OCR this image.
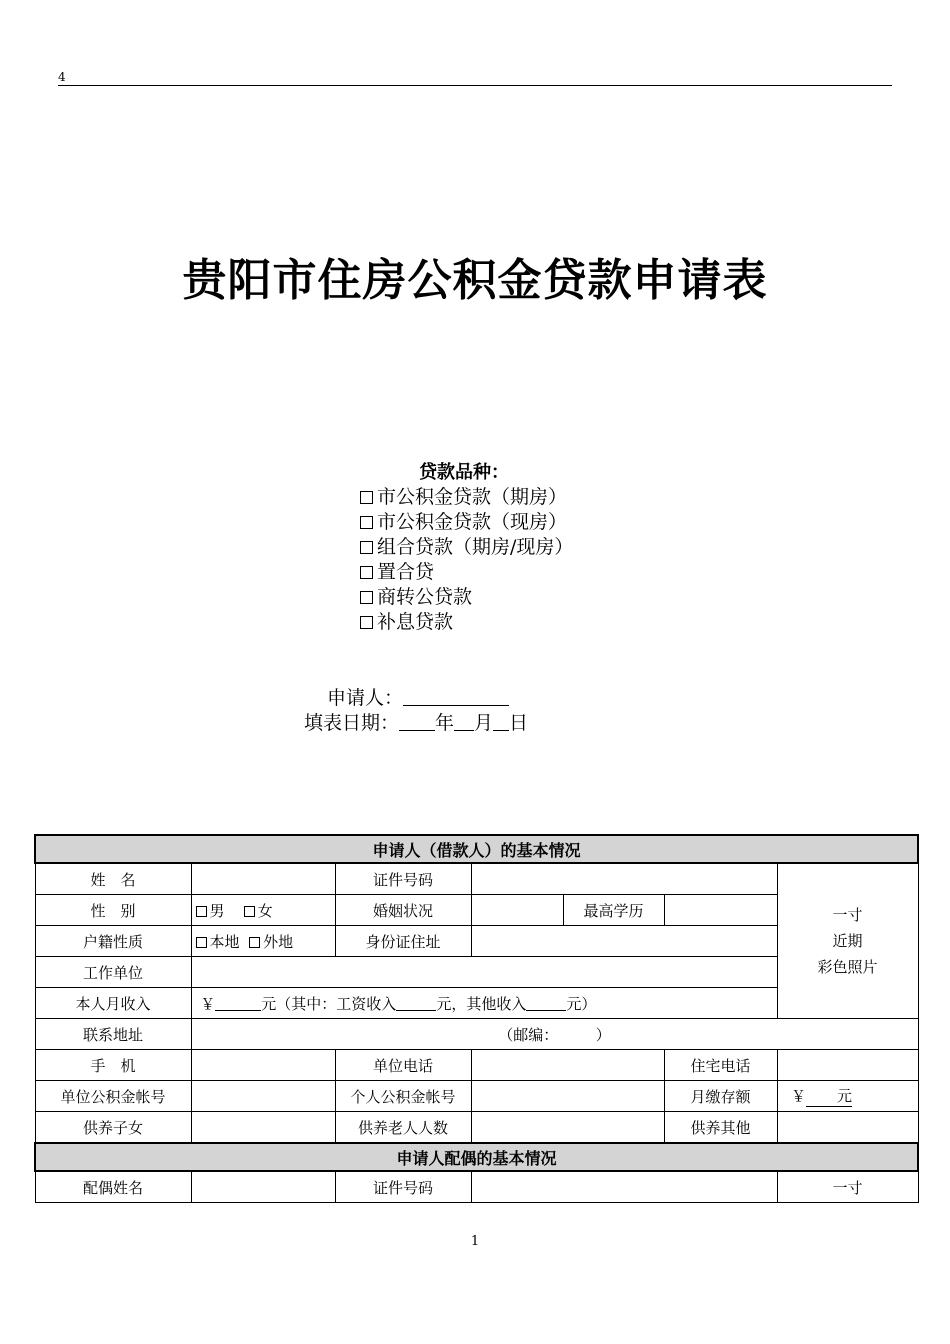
4
贵阳市住房公积金贷款申请表
贷款品种：
市公积金贷款（期房）
市公积金贷款（现房）
组合贷款（期房/现房）
置合贷
商转公贷款
补息贷款
申请人：
填表日期： 年 月 日
申请人（借款人）的基本情况						
姓　名		证件号码				一寸
近期
彩色照片

性　别	男 女	婚姻状况		最高学历		
户籍性质	本地 外地	身份证住址				
工作单位						
本人月收入	￥ 元（其中：工资收入 元，其他收入 元）					
联系地址	（邮编：　　　）					
手　机		单位电话			住宅电话	
单位公积金帐号		个人公积金帐号			月缴存额	￥ 元
供养子女		供养老人人数			供养其他	
申请人配偶的基本情况						
配偶姓名		证件号码				一寸
1
